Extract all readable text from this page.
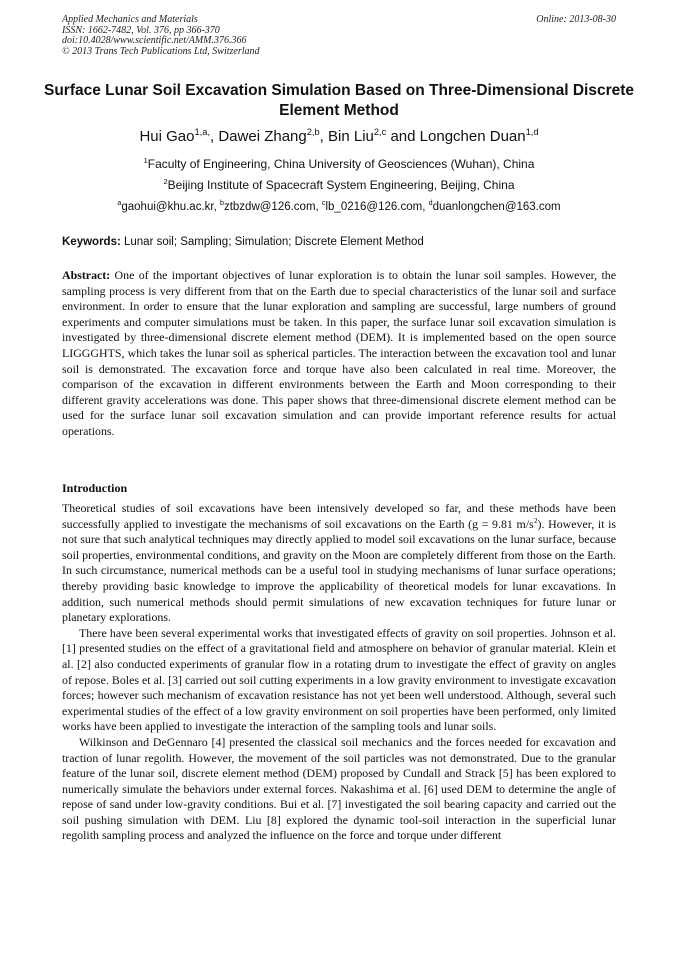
Applied Mechanics and Materials
ISSN: 1662-7482, Vol. 376, pp 366-370
doi:10.4028/www.scientific.net/AMM.376.366
© 2013 Trans Tech Publications Ltd, Switzerland
Online: 2013-08-30
Surface Lunar Soil Excavation Simulation Based on Three-Dimensional Discrete Element Method
Hui Gao$^{1,a,}$, Dawei Zhang$^{2,b}$, Bin Liu$^{2,c}$ and Longchen Duan$^{1,d}$
$^1$Faculty of Engineering, China University of Geosciences (Wuhan), China
$^2$Beijing Institute of Spacecraft System Engineering, Beijing, China
$^a$gaohui@khu.ac.kr, $^b$ztbzdw@126.com, $^c$lb_0216@126.com, $^d$duanlongchen@163.com
Keywords: Lunar soil; Sampling; Simulation; Discrete Element Method
Abstract: One of the important objectives of lunar exploration is to obtain the lunar soil samples. However, the sampling process is very different from that on the Earth due to special characteristics of the lunar soil and surface environment. In order to ensure that the lunar exploration and sampling are successful, large numbers of ground experiments and computer simulations must be taken. In this paper, the surface lunar soil excavation simulation is investigated by three-dimensional discrete element method (DEM). It is implemented based on the open source LIGGGHTS, which takes the lunar soil as spherical particles. The interaction between the excavation tool and lunar soil is demonstrated. The excavation force and torque have also been calculated in real time. Moreover, the comparison of the excavation in different environments between the Earth and Moon corresponding to their different gravity accelerations was done. This paper shows that three-dimensional discrete element method can be used for the surface lunar soil excavation simulation and can provide important reference results for actual operations.
Introduction

Theoretical studies of soil excavations have been intensively developed so far, and these methods have been successfully applied to investigate the mechanisms of soil excavations on the Earth (g = 9.81 $m/s^2$). However, it is not sure that such analytical techniques may directly applied to model soil excavations on the lunar surface, because soil properties, environmental conditions, and gravity on the Moon are completely different from those on the Earth. In such circumstance, numerical methods can be a useful tool in studying mechanisms of lunar surface operations; thereby providing basic knowledge to improve the applicability of theoretical models for lunar excavations. In addition, such numerical methods should permit simulations of new excavation techniques for future lunar or planetary explorations.

There have been several experimental works that investigated effects of gravity on soil properties. Johnson et al. [1] presented studies on the effect of a gravitational field and atmosphere on behavior of granular material. Klein et al. [2] also conducted experiments of granular flow in a rotating drum to investigate the effect of gravity on angles of repose. Boles et al. [3] carried out soil cutting experiments in a low gravity environment to investigate excavation forces; however such mechanism of excavation resistance has not yet been well understood. Although, several such experimental studies of the effect of a low gravity environment on soil properties have been performed, only limited works have been applied to investigate the interaction of the sampling tools and lunar soils.

Wilkinson and DeGennaro [4] presented the classical soil mechanics and the forces needed for excavation and traction of lunar regolith. However, the movement of the soil particles was not demonstrated. Due to the granular feature of the lunar soil, discrete element method (DEM) proposed by Cundall and Strack [5] has been explored to numerically simulate the behaviors under external forces. Nakashima et al. [6] used DEM to determine the angle of repose of sand under low-gravity conditions. Bui et al. [7] investigated the soil bearing capacity and carried out the soil pushing simulation with DEM. Liu [8] explored the dynamic tool-soil interaction in the superficial lunar regolith sampling process and analyzed the influence on the force and torque under different
